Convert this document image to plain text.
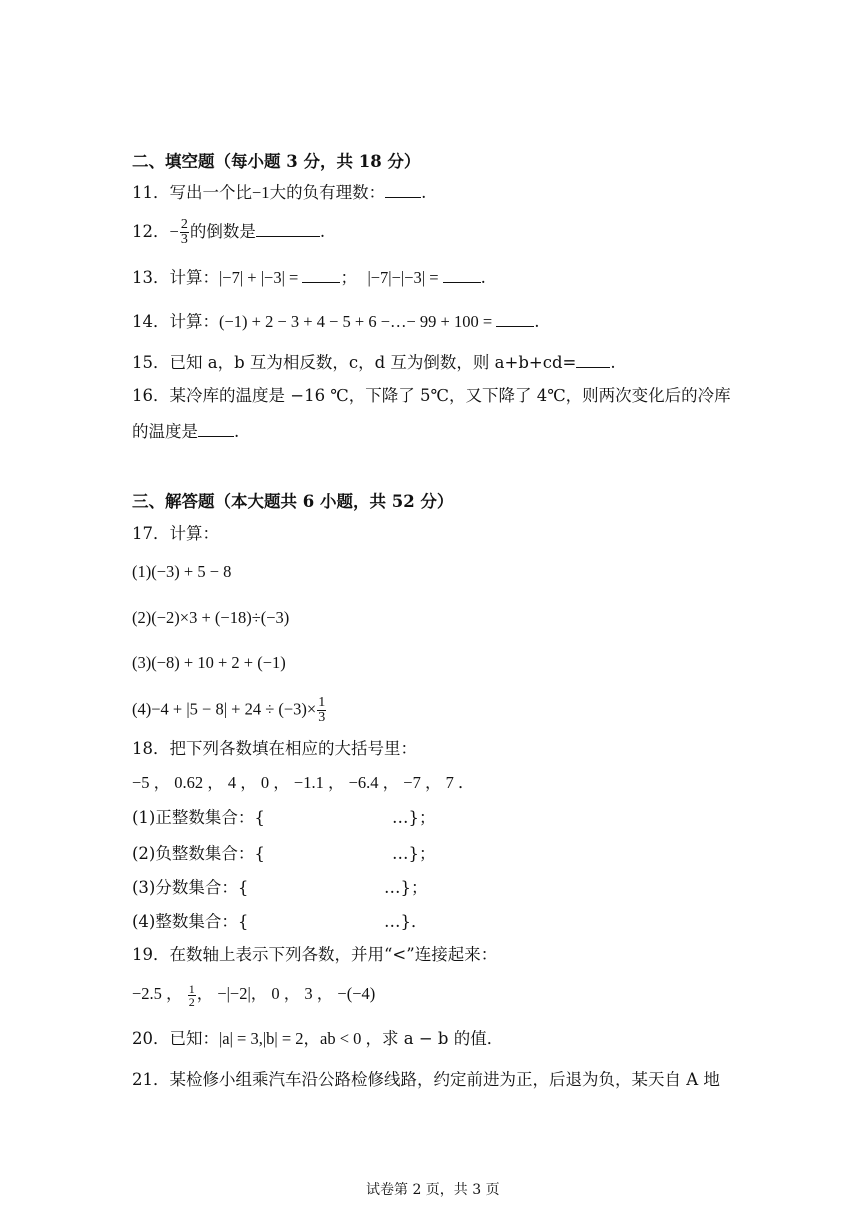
二、填空题（每小题 3 分，共 18 分）
11．写出一个比−1大的负有理数： .
12．− $\frac{2}{3}$ 的倒数是	.
13．计算：|−7| + |−3| = ； |−7|−|−3| = .
14．计算：(−1) + 2 − 3 + 4 − 5 + 6 −…− 99 + 100 = .
15．已知 a，b 互为相反数，c，d 互为倒数，则 a+b+cd= .
16．某冷库的温度是 −16 ℃，下降了 5℃，又下降了 4℃，则两次变化后的冷库
的温度是 .
三、解答题（本大题共 6 小题，共 52 分）
17．计算：
(1)(−3) + 5 − 8
(2)(−2)×3 + (−18)÷(−3)
(3)(−8) + 10 + 2 + (−1)
$(4)-4 + |5 - 8| + 24 \div (-3)\times \frac{1}{3}$
18．把下列各数填在相应的大括号里：
−5 ， 0.62 ， 4 ， 0 ， −1.1 ， −6.4 ， −7 ， 7 ．
(1)正整数集合：{	…}；
(2)负整数集合：{	…}；
(3)分数集合：{	…}；
(4)整数集合：{	…}．
19．在数轴上表示下列各数，并用“<”连接起来：
−2.5 ， $\frac{1}{2}$ ， −|−2|， 0 ， 3 ， −(−4)
20．已知：|a| = 3,|b| = 2，ab < 0 ，求 a − b 的值．
21．某检修小组乘汽车沿公路检修线路，约定前进为正，后退为负，某天自 A 地
试卷第 2 页，共 3 页
